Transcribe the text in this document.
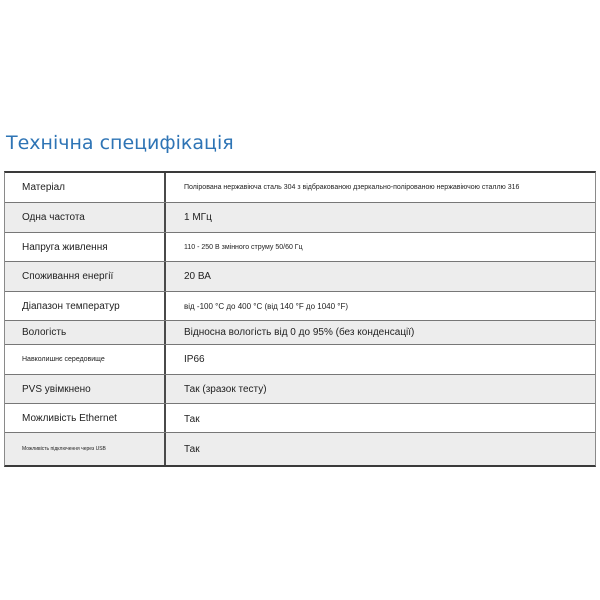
Технічна специфікація
Матеріал	Полірована нержавіюча сталь 304 з відбракованою дзеркально-полірованою нержавіючою сталлю 316
Одна частота	1 МГц
Напруга живлення	110 - 250 В змінного струму 50/60 Гц
Споживання енергії	20 ВА
Діапазон температур	від -100 °C до 400 °C (від 140 °F до 1040 °F)
Вологість	Відносна вологість від 0 до 95% (без конденсації)
Навколишнє середовище	IP66
PVS увімкнено	Так (зразок тесту)
Можливість Ethernet	Так
Можливість підключення через USB	Так
